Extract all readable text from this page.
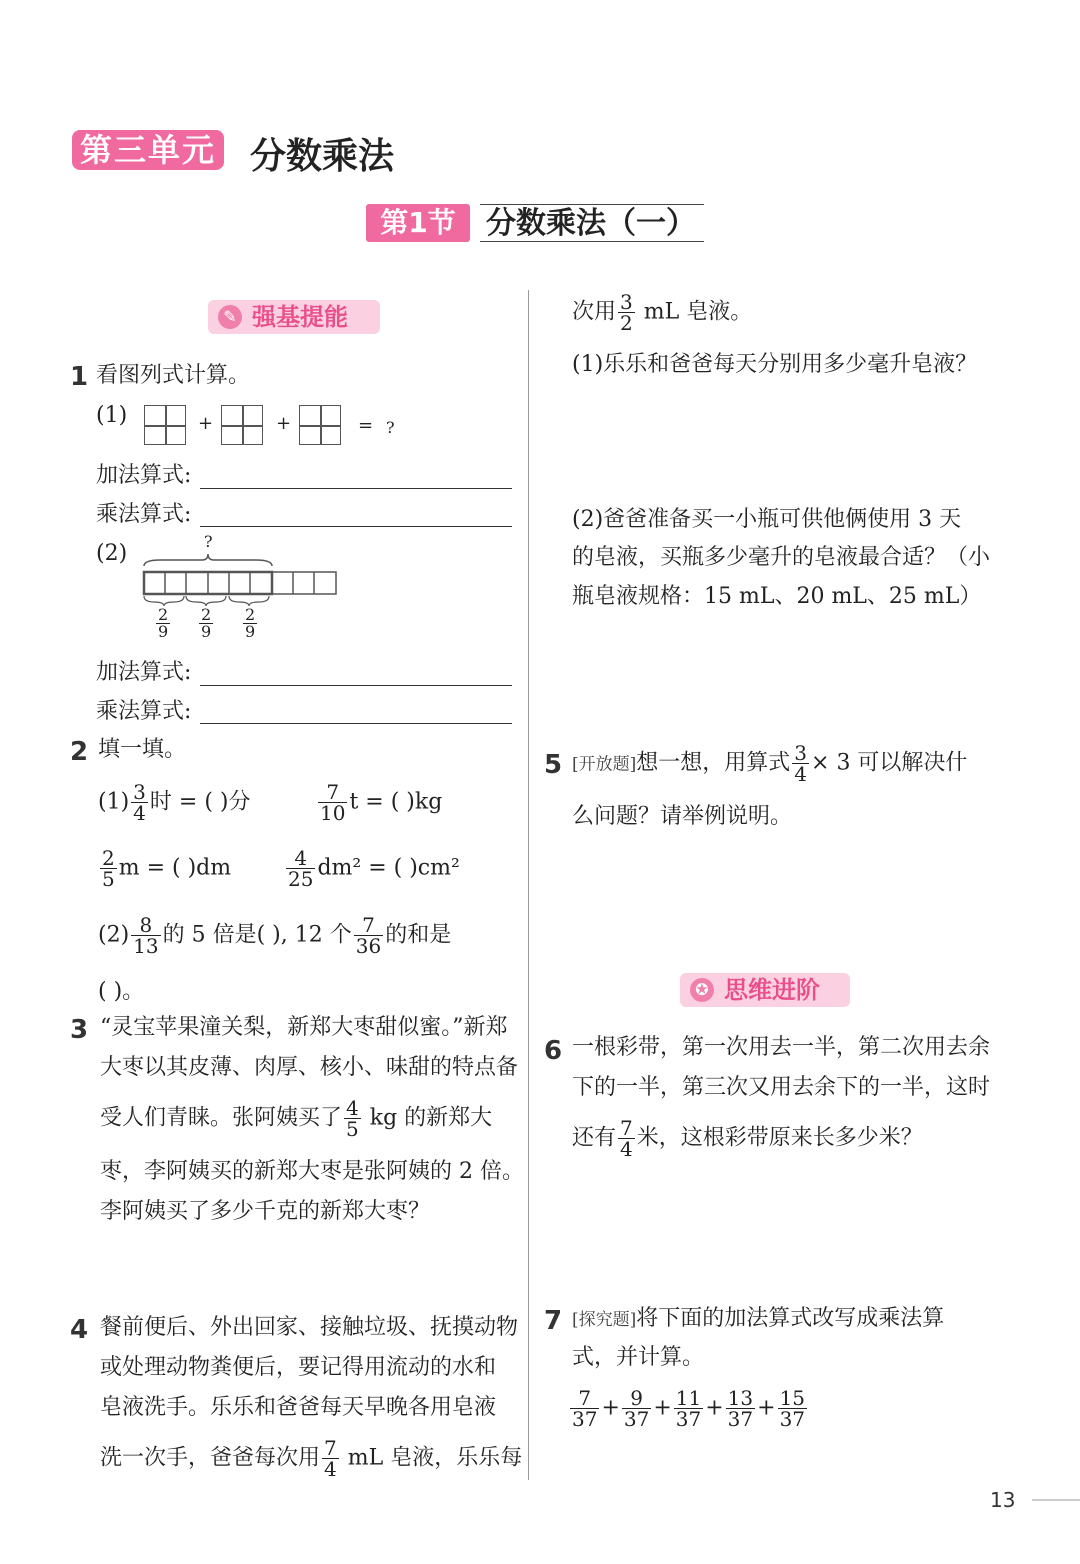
第三单元 分数乘法
第1节	分数乘法（一）
✎ 强基提能
✪ 思维进阶
1 看图列式计算。
(1)	+	+	= ?
加法算式:
乘法算式:
(2)	?
$\frac{2}{9} \frac{2}{9} \frac{2}{9}$
加法算式:
乘法算式:
2 填一填。
$(1) \frac{3}{4}$ 时 = ( )分	$\frac{7}{10}$ t = ( )kg
$\frac{2}{5}$ m = ( )dm	$\frac{4}{25} dm^2$ = ( )cm²
$(2) \frac{8}{13}$ 的 5 倍是( ), 12 个 $\frac{7}{36}$ 的和是
( )。
3 “灵宝苹果潼关梨，新郑大枣甜似蜜。”新郑
大枣以其皮薄、肉厚、核小、味甜的特点备
受人们青睐。张阿姨买了 $\frac{4}{5}$ kg 的新郑大
枣，李阿姨买的新郑大枣是张阿姨的 2 倍。
李阿姨买了多少千克的新郑大枣？
4 餐前便后、外出回家、接触垃圾、抚摸动物
或处理动物粪便后，要记得用流动的水和
皂液洗手。乐乐和爸爸每天早晚各用皂液
洗一次手，爸爸每次用 $\frac{7}{4}$ mL 皂液，乐乐每
次用 $\frac{3}{2}$ mL 皂液。
(1)乐乐和爸爸每天分别用多少毫升皂液？
(2)爸爸准备买一小瓶可供他俩使用 3 天
的皂液，买瓶多少毫升的皂液最合适？（小
瓶皂液规格：15 mL、20 mL、25 mL）
5 [开放题]想一想，用算式 $\frac{3}{4} \times 3$ 可以解决什
么问题？请举例说明。
6 一根彩带，第一次用去一半，第二次用去余
下的一半，第三次又用去余下的一半，这时
还有 $\frac{7}{4}$ 米，这根彩带原来长多少米？
7 [探究题]将下面的加法算式改写成乘法算
式，并计算。
$\frac{7}{37} + \frac{9}{37} + \frac{11}{37} + \frac{13}{37} + \frac{15}{37}$
13
